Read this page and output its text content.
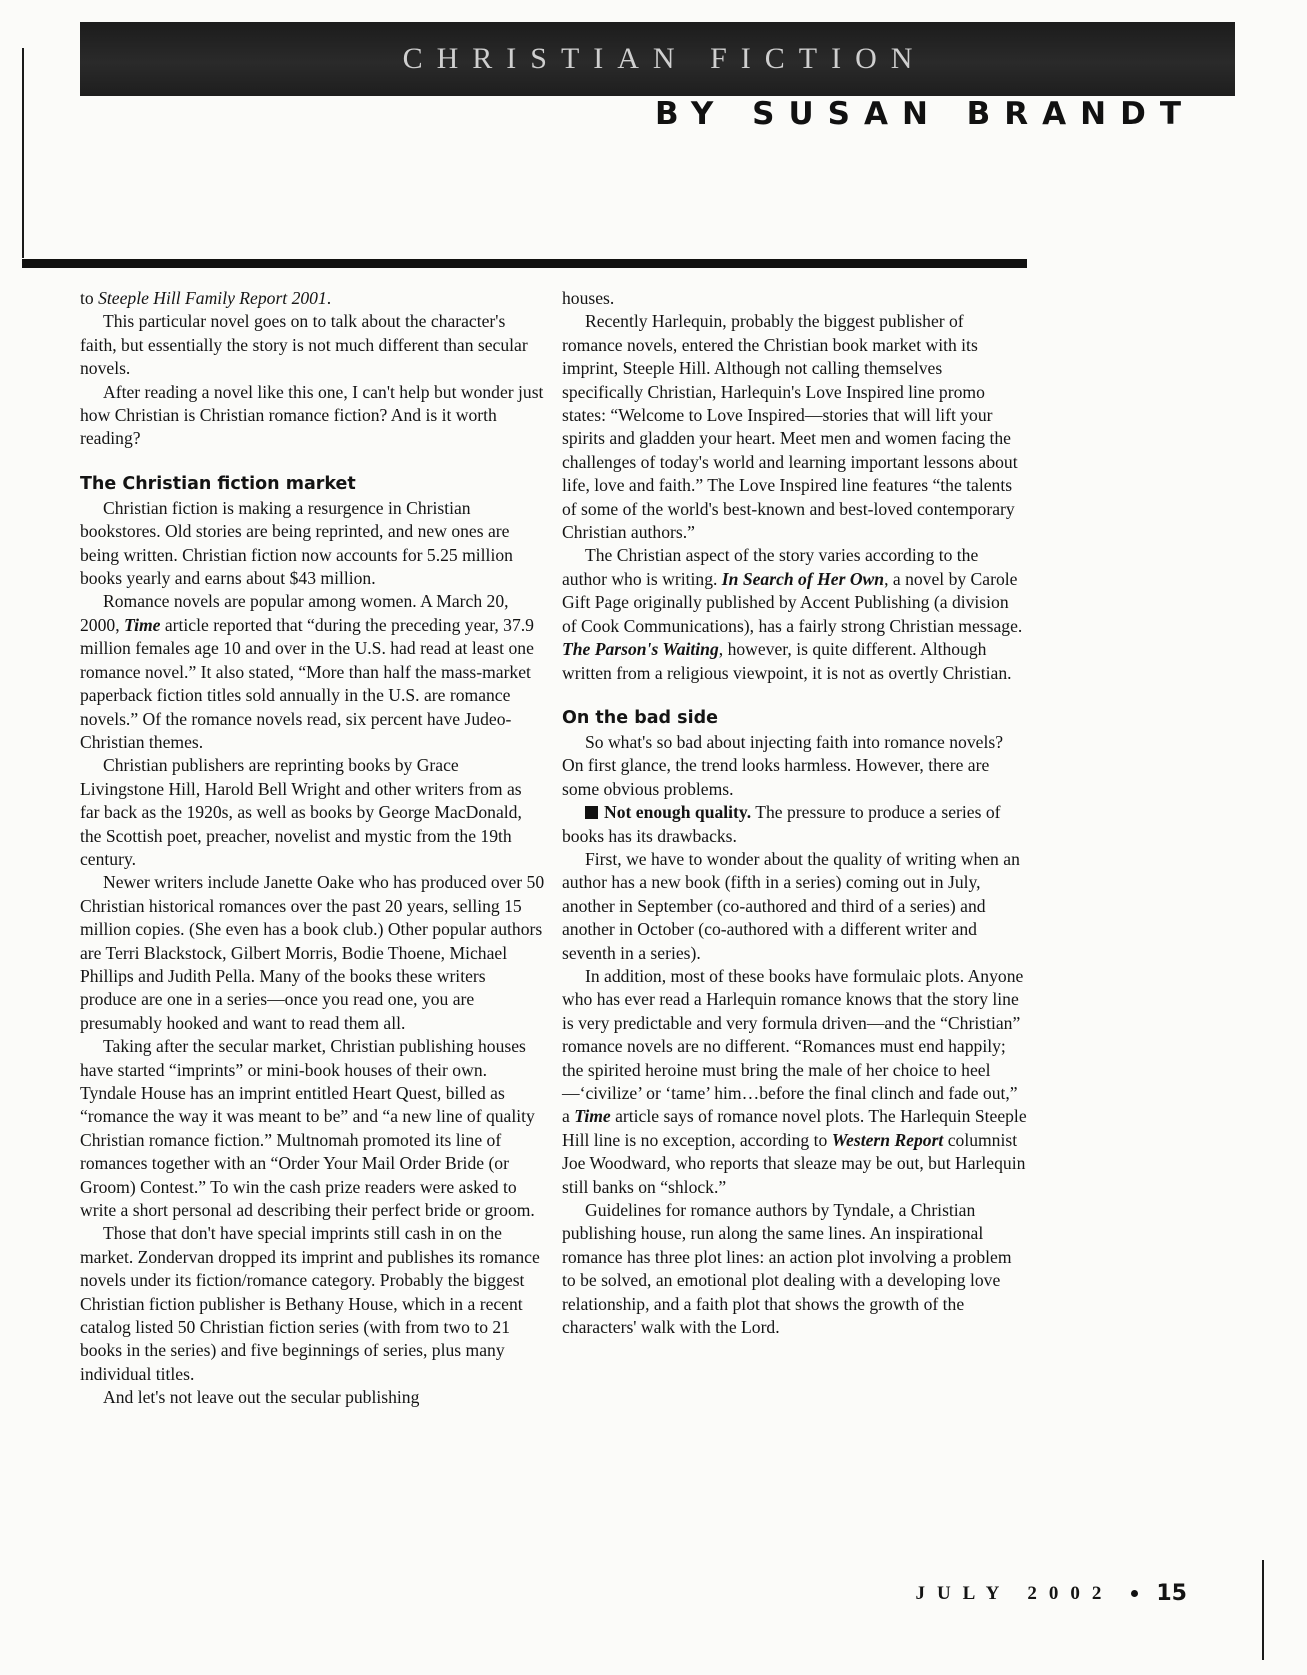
CHRISTIAN FICTION
BY SUSAN BRANDT

to Steeple Hill Family Report 2001.

This particular novel goes on to talk about the character's faith, but essentially the story is not much different than secular novels.

After reading a novel like this one, I can't help but wonder just how Christian is Christian romance fiction? And is it worth reading?

The Christian fiction market

Christian fiction is making a resurgence in Christian bookstores. Old stories are being reprinted, and new ones are being written. Christian fiction now accounts for 5.25 million books yearly and earns about $43 million.

Romance novels are popular among women. A March 20, 2000, Time article reported that “during the preceding year, 37.9 million females age 10 and over in the U.S. had read at least one romance novel.” It also stated, “More than half the mass-market paperback fiction titles sold annually in the U.S. are romance novels.” Of the romance novels read, six percent have Judeo-Christian themes.

Christian publishers are reprinting books by Grace Livingstone Hill, Harold Bell Wright and other writers from as far back as the 1920s, as well as books by George MacDonald, the Scottish poet, preacher, novelist and mystic from the 19th century.

Newer writers include Janette Oake who has produced over 50 Christian historical romances over the past 20 years, selling 15 million copies. (She even has a book club.) Other popular authors are Terri Blackstock, Gilbert Morris, Bodie Thoene, Michael Phillips and Judith Pella. Many of the books these writers produce are one in a series—once you read one, you are presumably hooked and want to read them all.

Taking after the secular market, Christian publishing houses have started “imprints” or mini-book houses of their own. Tyndale House has an imprint entitled Heart Quest, billed as “romance the way it was meant to be” and “a new line of quality Christian romance fiction.” Multnomah promoted its line of romances together with an “Order Your Mail Order Bride (or Groom) Contest.” To win the cash prize readers were asked to write a short personal ad describing their perfect bride or groom.

Those that don't have special imprints still cash in on the market. Zondervan dropped its imprint and publishes its romance novels under its fiction/romance category. Probably the biggest Christian fiction publisher is Bethany House, which in a recent catalog listed 50 Christian fiction series (with from two to 21 books in the series) and five beginnings of series, plus many individual titles.

And let's not leave out the secular publishing

houses.

Recently Harlequin, probably the biggest publisher of romance novels, entered the Christian book market with its imprint, Steeple Hill. Although not calling themselves specifically Christian, Harlequin's Love Inspired line promo states: “Welcome to Love Inspired—stories that will lift your spirits and gladden your heart. Meet men and women facing the challenges of today's world and learning important lessons about life, love and faith.” The Love Inspired line features “the talents of some of the world's best-known and best-loved contemporary Christian authors.”

The Christian aspect of the story varies according to the author who is writing. In Search of Her Own, a novel by Carole Gift Page originally published by Accent Publishing (a division of Cook Communications), has a fairly strong Christian message. The Parson's Waiting, however, is quite different. Although written from a religious viewpoint, it is not as overtly Christian.

On the bad side

So what's so bad about injecting faith into romance novels? On first glance, the trend looks harmless. However, there are some obvious problems.

Not enough quality. The pressure to produce a series of books has its drawbacks.

First, we have to wonder about the quality of writing when an author has a new book (fifth in a series) coming out in July, another in September (co-authored and third of a series) and another in October (co-authored with a different writer and seventh in a series).

In addition, most of these books have formulaic plots. Anyone who has ever read a Harlequin romance knows that the story line is very predictable and very formula driven—and the “Christian” romance novels are no different. “Romances must end happily; the spirited heroine must bring the male of her choice to heel—‘civilize’ or ‘tame’ him…before the final clinch and fade out,” a Time article says of romance novel plots. The Harlequin Steeple Hill line is no exception, according to Western Report columnist Joe Woodward, who reports that sleaze may be out, but Harlequin still banks on “shlock.”

Guidelines for romance authors by Tyndale, a Christian publishing house, run along the same lines. An inspirational romance has three plot lines: an action plot involving a problem to be solved, an emotional plot dealing with a developing love relationship, and a faith plot that shows the growth of the characters' walk with the Lord.

JULY 2002 15
